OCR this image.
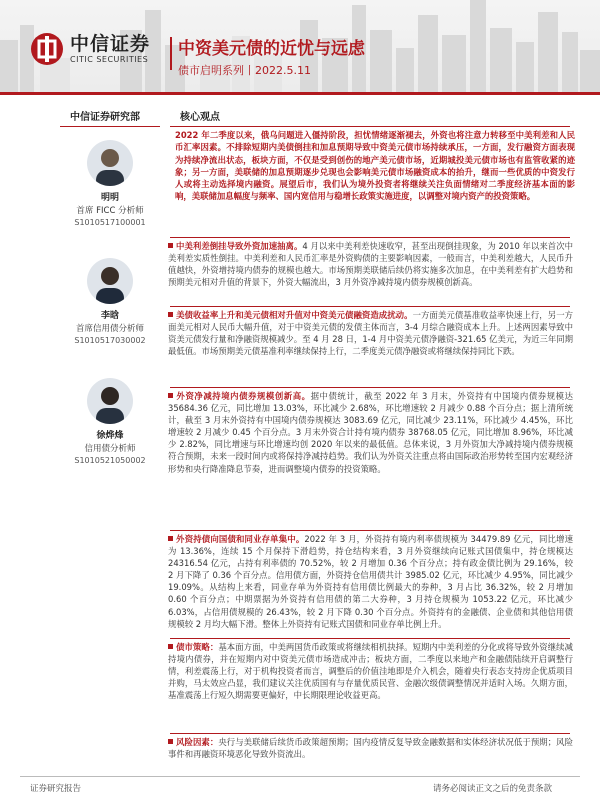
中信证券
CITIC SECURITIES
中资美元债的近忧与远虑
债市启明系列丨2022.5.11
中信证券研究部
明明
首席 FICC 分析师
S1010517100001
李晗
首席信用债分析师
S1010517030002
徐烨烽
信用债分析师
S1010521050002
核心观点
2022 年二季度以来，俄乌问题进入僵持阶段，担忧情绪逐渐褪去，外资也将注意力转移至中美利差和人民币汇率因素。不排除短期内美债倒挂和加息预期导致中资美元债市场持续承压，一方面，发行融资方面表现为持续净流出状态，板块方面，不仅是受到创伤的地产美元债市场，近期城投美元债市场也有监管收紧的迹象；另一方面，美联储的加息预期逐步兑现也会影响美元债市场融资成本的抬升，继而一些优质的中资发行人或将主动选择境内融资。展望后市，我们认为境外投资者将继续关注负面情绪对二季度经济基本面的影响，美联储加息幅度与频率、国内宽信用与稳增长政策实施进度，以调整对境内资产的投资策略。
中美利差倒挂导致外资加速抽离。4 月以来中美利差快速收窄，甚至出现倒挂现象，为 2010 年以来首次中美利差实质性倒挂。中美利差和人民币汇率是外资购债的主要影响因素，一般而言，中美利差越大，人民币升值越快，外资增持境内债券的规模也越大。市场预期美联储后续仍将实施多次加息，在中美利差有扩大趋势和预期美元相对升值的背景下，外资大幅流出，3 月外资净减持境内债券规模创新高。
美债收益率上升和美元债相对升值对中资美元债融资造成扰动。一方面美元债基准收益率快速上行，另一方面美元相对人民币大幅升值，对于中资美元债的发债主体而言，3-4 月综合融资成本上升。上述两因素导致中资美元债发行量和净融资规模减少。至 4 月 28 日，1-4 月中资美元债净融资-321.65 亿美元，为近三年同期最低值。市场预期美元债基准利率继续保持上行，二季度美元债净融资或将继续保持同比下跌。
外资净减持境内债券规模创新高。据中债统计，截至 2022 年 3 月末，外资持有中国境内债券规模达 35684.36 亿元，同比增加 13.03%，环比减少 2.68%，环比增速较 2 月减少 0.88 个百分点；据上清所统计，截至 3 月末外资持有中国境内债券规模达 3083.69 亿元，同比减少 23.11%，环比减少 4.45%，环比增速较 2 月减少 0.45 个百分点。3 月末外资合计持有境内债券 38768.05 亿元，同比增加 8.96%，环比减少 2.82%，同比增速与环比增速均创 2020 年以来的最低值。总体来说，3 月外资加大净减持境内债券规模符合预期，未来一段时间内或将保持净减持趋势。我们认为外资关注重点将由国际政治形势转至国内宏观经济形势和央行降准降息节奏，进而调整境内债券的投资策略。
外资持债向国债和同业存单集中。2022 年 3 月，外资持有境内利率债规模为 34479.89 亿元，同比增速为 13.36%，连续 15 个月保持下滑趋势，持仓结构来看，3 月外资继续向记账式国债集中，持仓规模达 24316.54 亿元，占持有利率债的 70.52%，较 2 月增加 0.36 个百分点；持有政金债比例为 29.16%，较 2 月下降了 0.36 个百分点。信用债方面，外资持仓信用债共计 3985.02 亿元，环比减少 4.95%，同比减少 19.09%。从结构上来看，同业存单为外资持有信用债比例最大的券种，3 月占比 36.32%，较 2 月增加 0.60 个百分点；中期票据为外资持有信用债的第二大券种，3 月持仓规模为 1053.22 亿元，环比减少 6.03%，占信用债规模的 26.43%，较 2 月下降 0.30 个百分点。外资持有的金融债、企业债和其他信用债规模较 2 月均大幅下滑。整体上外资持有记账式国债和同业存单比例上升。
债市策略：基本面方面，中美两国货币政策或将继续相机抉择。短期内中美利差的分化或将导致外资继续减持境内债券，并在短期内对中资美元债市场造成冲击；板块方面，二季度以来地产和金融债陆续开启调整行情，利差震荡上行，对于机构投资者而言，调整后的价值洼地即是介入机会，随着央行表态支持房企优质项目并购，马太效应凸显，我们建议关注优质国有与存量优质民营、金融次级债调整情况并适时入场。久期方面，基准震荡上行短久期需要更偏好，中长期限理论收益更高。
风险因素：央行与美联储后续货币政策超预期；国内疫情反复导致金融数据和实体经济状况低于预期；风险事件和再融资环境恶化导致外资流出。
证券研究报告	请务必阅读正文之后的免责条款
